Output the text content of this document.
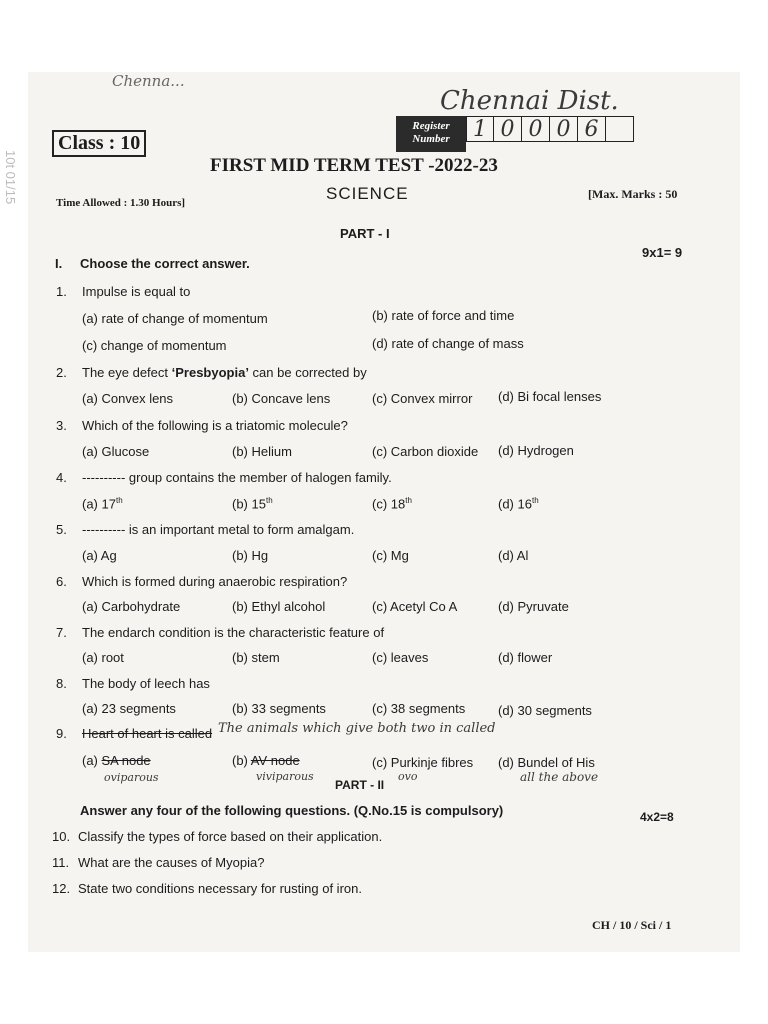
Chenna...
Chennai Dist.
10t 01/15
Class : 10
Register Number	1 0 0 0 6
FIRST MID TERM TEST -2022-23
SCIENCE
Time Allowed : 1.30 Hours]
[Max. Marks : 50
PART - I
I. Choose the correct answer.
9x1= 9
1. Impulse is equal to
(a) rate of change of momentum	(b) rate of force and time
(c) change of momentum	(d) rate of change of mass
2. The eye defect ‘Presbyopia’ can be corrected by
(a) Convex lens	(b) Concave lens	(c) Convex mirror (d) Bi focal lenses
3. Which of the following is a triatomic molecule?
(a) Glucose	(b) Helium	(c) Carbon dioxide (d) Hydrogen
4. ---------- group contains the member of halogen family.
(a) 17th	(b) 15th	(c) 18th	(d) 16th
5. ---------- is an important metal to form amalgam.
(a) Ag	(b) Hg	(c) Mg	(d) Al
6. Which is formed during anaerobic respiration?
(a) Carbohydrate	(b) Ethyl alcohol	(c) Acetyl Co A	(d) Pyruvate
7. The endarch condition is the characteristic feature of
(a) root	(b) stem	(c) leaves	(d) flower
8. The body of leech has
(a) 23 segments	(b) 33 segments	(c) 38 segments	(d) 30 segments
9. Heart of heart is called The animals which give both two in called
(a) SA node	(b) AV node	(c) Purkinje fibres (d) Bundel of His
oviparous	viviparous	ovo	all the above
PART - II
Answer any four of the following questions. (Q.No.15 is compulsory)	4x2=8
10. Classify the types of force based on their application.
11. What are the causes of Myopia?
12. State two conditions necessary for rusting of iron.
CH / 10 / Sci / 1
